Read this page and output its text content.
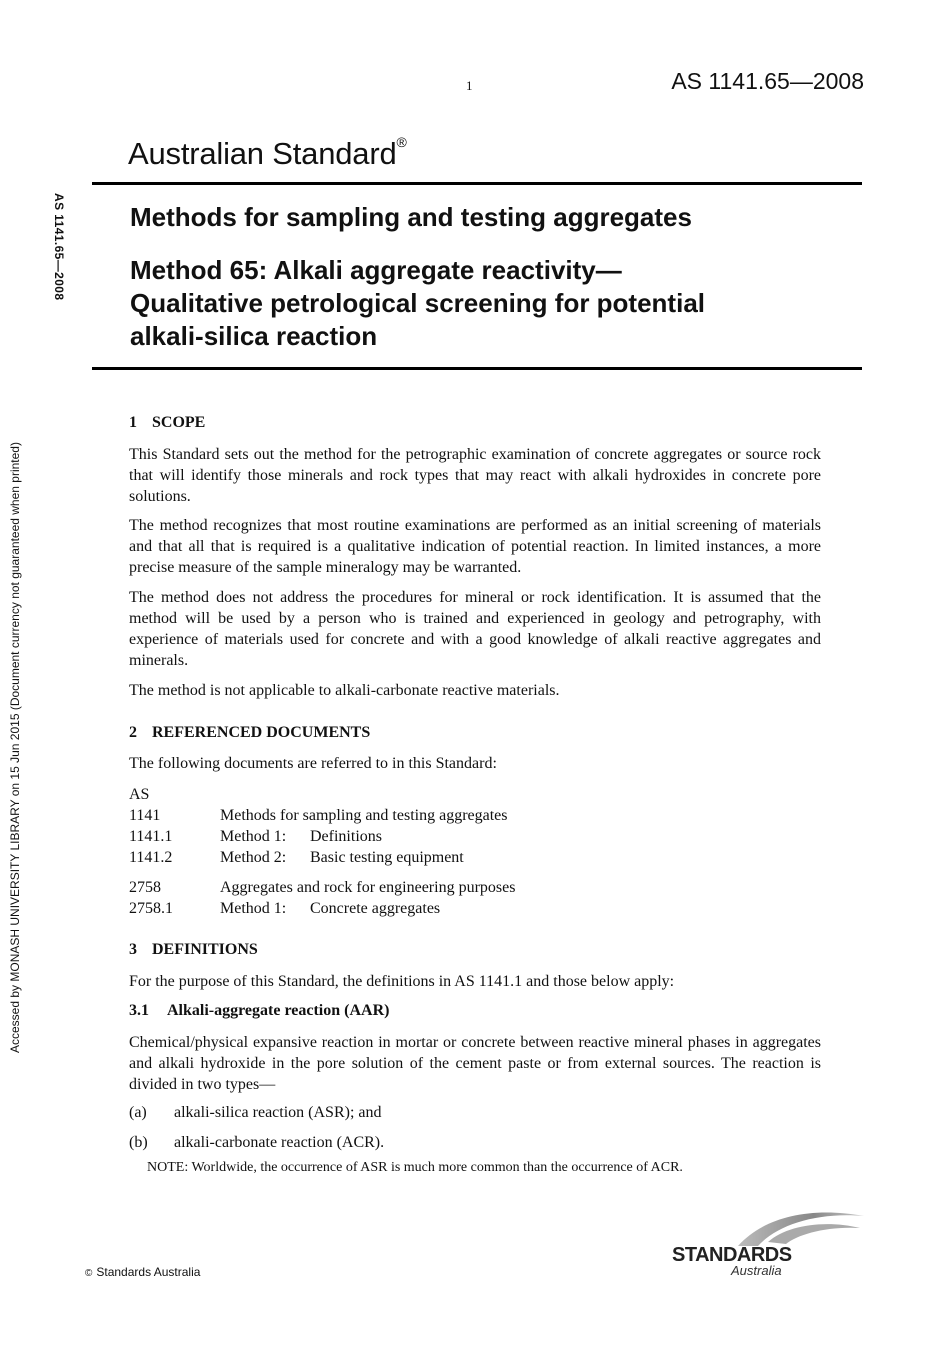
1	AS 1141.65—2008
Australian Standard®
AS 1141.65—2008
Accessed by MONASH UNIVERSITY LIBRARY on 15 Jun 2015 (Document currency not guaranteed when printed)
Methods for sampling and testing aggregates
Method 65: Alkali aggregate reactivity—
Qualitative petrological screening for potential
alkali-silica reaction
1 SCOPE
This Standard sets out the method for the petrographic examination of concrete aggregates or source rock that will identify those minerals and rock types that may react with alkali hydroxides in concrete pore solutions.
The method recognizes that most routine examinations are performed as an initial screening of materials and that all that is required is a qualitative indication of potential reaction. In limited instances, a more precise measure of the sample mineralogy may be warranted.
The method does not address the procedures for mineral or rock identification. It is assumed that the method will be used by a person who is trained and experienced in geology and petrography, with experience of materials used for concrete and with a good knowledge of alkali reactive aggregates and minerals.
The method is not applicable to alkali-carbonate reactive materials.
2 REFERENCED DOCUMENTS
The following documents are referred to in this Standard:
AS
1141	Methods for sampling and testing aggregates
1141.1	Method 1: Definitions
1141.2	Method 2: Basic testing equipment
2758	Aggregates and rock for engineering purposes
2758.1	Method 1: Concrete aggregates
3 DEFINITIONS
For the purpose of this Standard, the definitions in AS 1141.1 and those below apply:
3.1 Alkali-aggregate reaction (AAR)
Chemical/physical expansive reaction in mortar or concrete between reactive mineral phases in aggregates and alkali hydroxide in the pore solution of the cement paste or from external sources. The reaction is divided in two types—
(a) alkali-silica reaction (ASR); and
(b) alkali-carbonate reaction (ACR).
NOTE: Worldwide, the occurrence of ASR is much more common than the occurrence of ACR.
© Standards Australia
STANDARDS
Australia
